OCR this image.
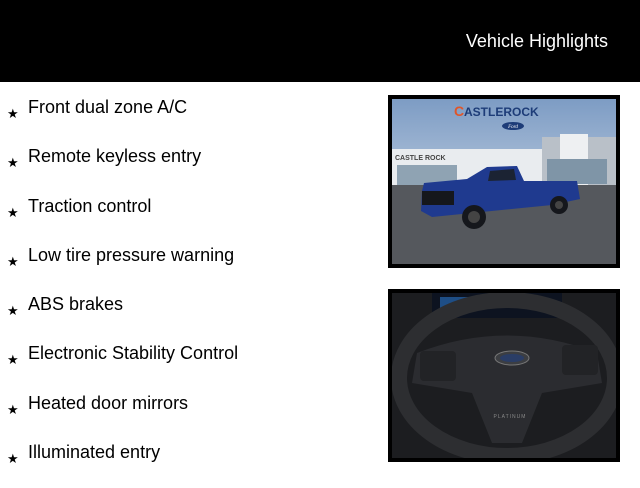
Vehicle Highlights
★ Front dual zone A/C
★ Remote keyless entry
★ Traction control
★ Low tire pressure warning
★ ABS brakes
★ Electronic Stability Control
★ Heated door mirrors
★ Illuminated entry
CASTLE ROCK
C ASTLEROCK
Ford
0
PLATINUM
